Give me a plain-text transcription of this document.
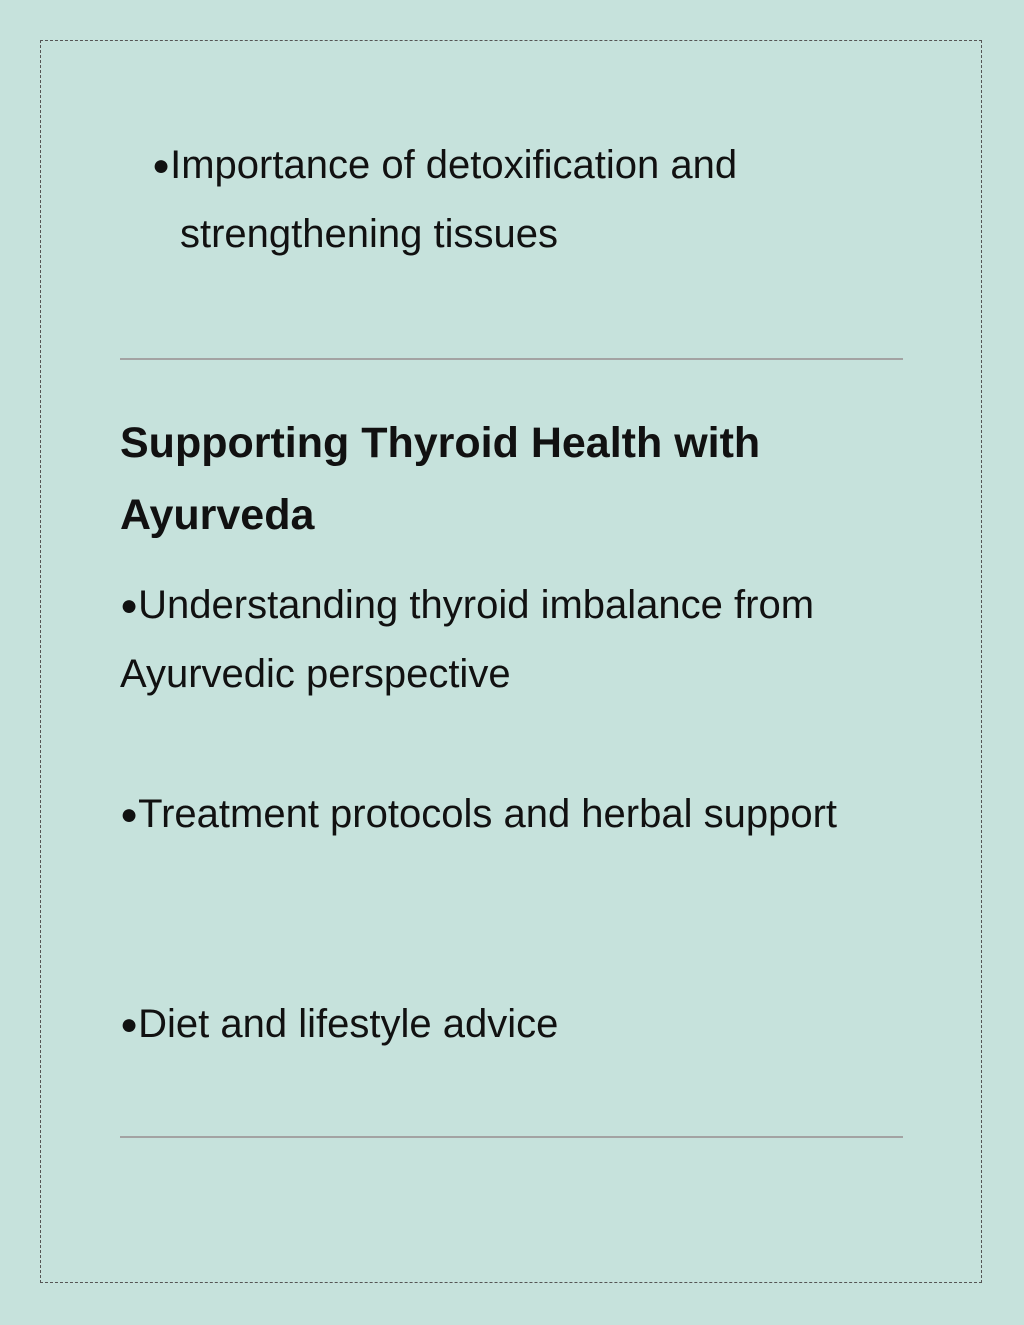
●Importance of detoxification and
strengthening tissues

Supporting Thyroid Health with Ayurveda

●Understanding thyroid imbalance from Ayurvedic perspective

●Treatment protocols and herbal support

●Diet and lifestyle advice
